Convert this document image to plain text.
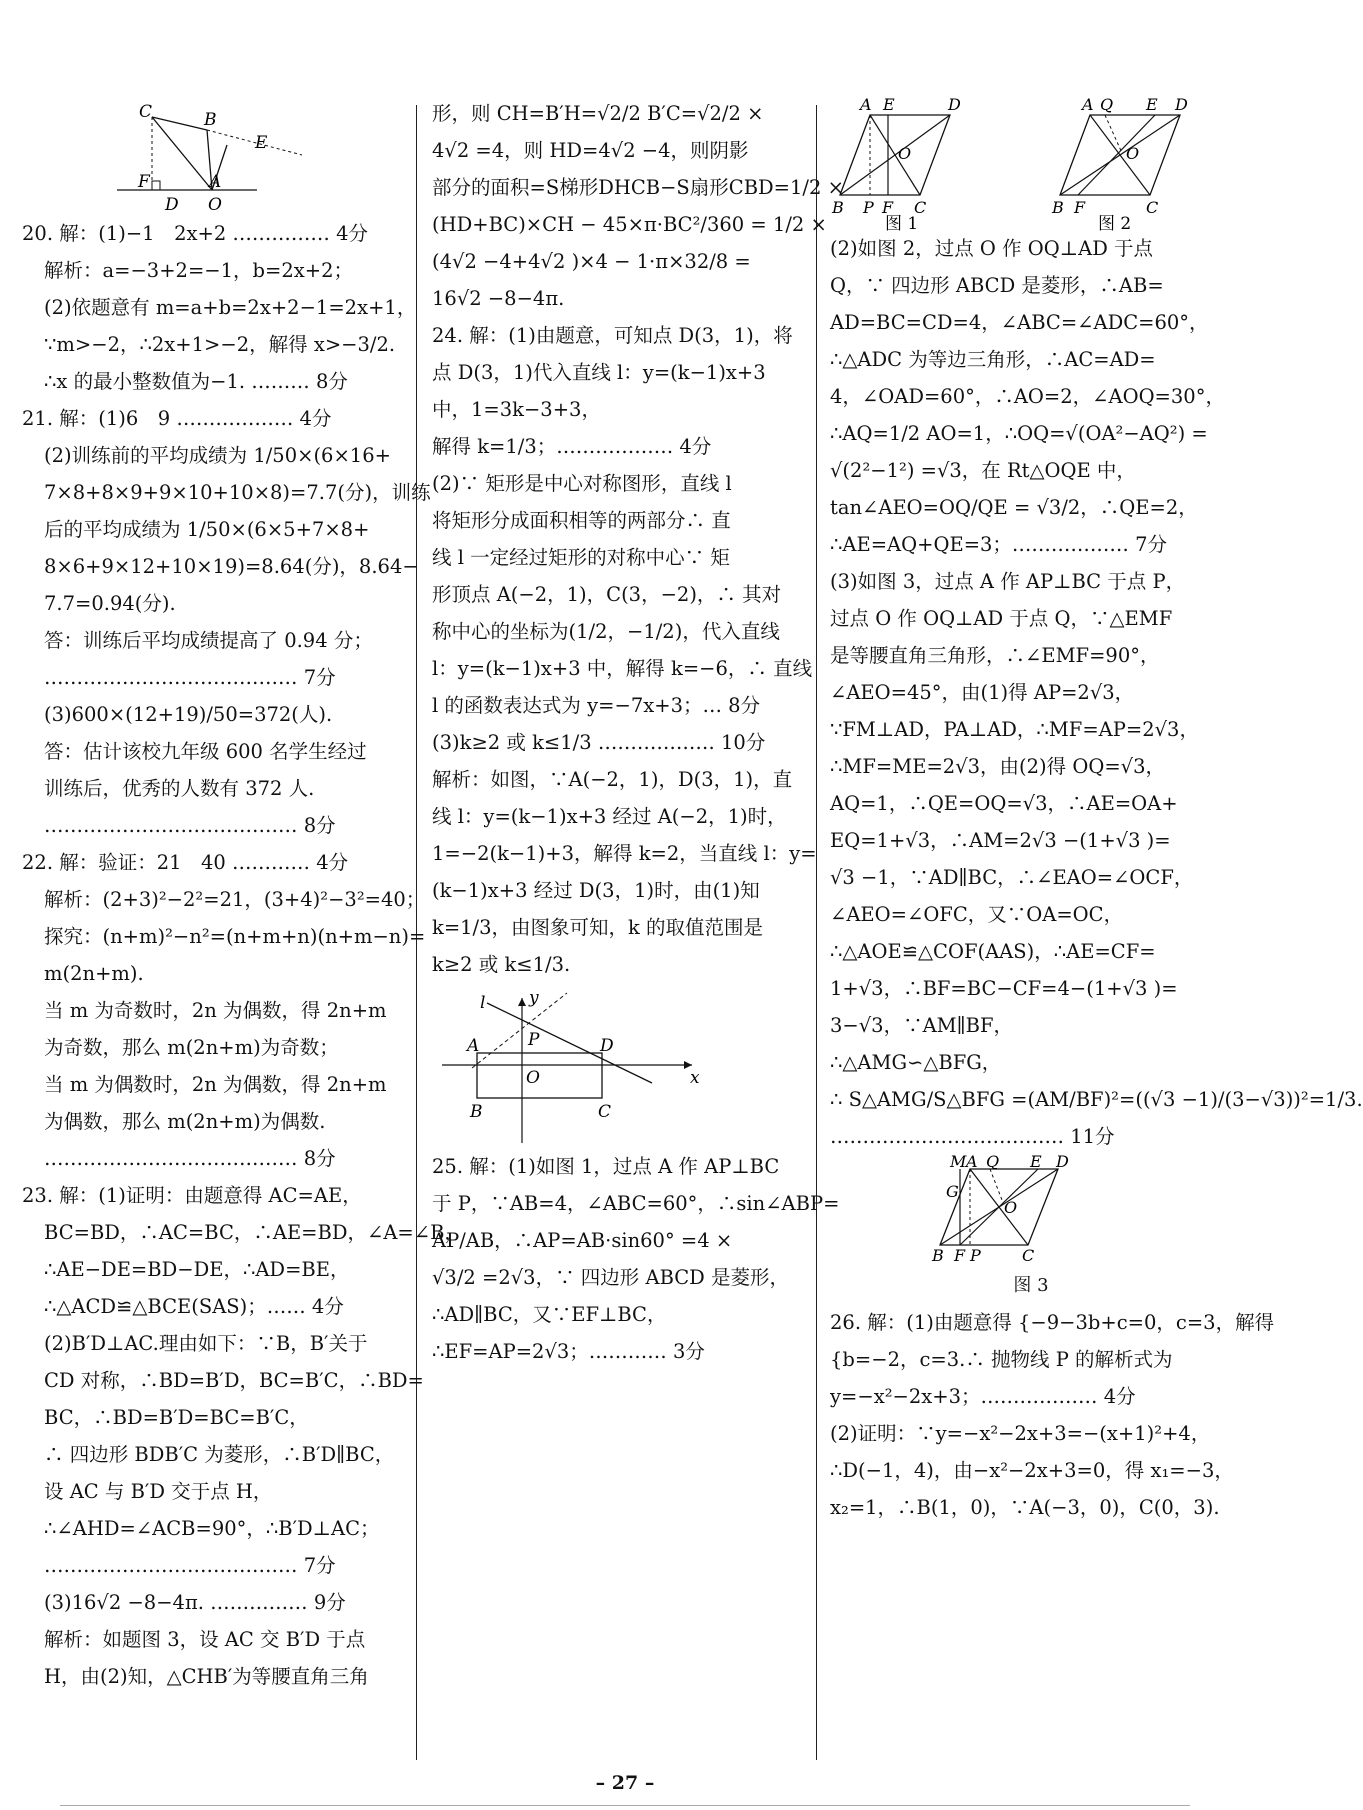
C	B
E
F	A
D O
20. 解：(1)−1　2x+2 …………… 4分
解析：a=−3+2=−1，b=2x+2；
(2)依题意有 m=a+b=2x+2−1=2x+1，
∵m>−2，∴2x+1>−2，解得 x>−3/2.
∴x 的最小整数值为−1. ……… 8分
21. 解：(1)6　9 ……………… 4分
(2)训练前的平均成绩为 1/50×(6×16+
7×8+8×9+9×10+10×8)=7.7(分)，训练
后的平均成绩为 1/50×(6×5+7×8+
8×6+9×12+10×19)=8.64(分)，8.64−
7.7=0.94(分).
答：训练后平均成绩提高了 0.94 分；
………………………………… 7分
(3)600×(12+19)/50=372(人).
答：估计该校九年级 600 名学生经过
训练后，优秀的人数有 372 人.
………………………………… 8分
22. 解：验证：21　40 ………… 4分
解析：(2+3)²−2²=21，(3+4)²−3²=40；
探究：(n+m)²−n²=(n+m+n)(n+m−n)=
m(2n+m).
当 m 为奇数时，2n 为偶数，得 2n+m
为奇数，那么 m(2n+m)为奇数；
当 m 为偶数时，2n 为偶数，得 2n+m
为偶数，那么 m(2n+m)为偶数.
………………………………… 8分
23. 解：(1)证明：由题意得 AC=AE，
BC=BD，∴AC=BC，∴AE=BD，∠A=∠B，
∴AE−DE=BD−DE，∴AD=BE，
∴△ACD≌△BCE(SAS)；…… 4分
(2)B′D⊥AC.理由如下：∵B，B′关于
CD 对称，∴BD=B′D，BC=B′C，∴BD=
BC，∴BD=B′D=BC=B′C，
∴ 四边形 BDB′C 为菱形，∴B′D∥BC，
设 AC 与 B′D 交于点 H，
∴∠AHD=∠ACB=90°，∴B′D⊥AC；
………………………………… 7分
(3)16√2 −8−4π. …………… 9分
解析：如题图 3，设 AC 交 B′D 于点
H，由(2)知，△CHB′为等腰直角三角
形，则 CH=B′H=√2/2 B′C=√2/2 ×
4√2 =4，则 HD=4√2 −4，则阴影
部分的面积=S梯形DHCB−S扇形CBD=1/2 ×
(HD+BC)×CH − 45×π·BC²/360 = 1/2 ×
(4√2 −4+4√2 )×4 − 1·π×32/8 =
16√2 −8−4π.
24. 解：(1)由题意，可知点 D(3，1)，将
点 D(3，1)代入直线 l：y=(k−1)x+3
中，1=3k−3+3，
解得 k=1/3；……………… 4分
(2)∵ 矩形是中心对称图形，直线 l
将矩形分成面积相等的两部分∴ 直
线 l 一定经过矩形的对称中心∵ 矩
形顶点 A(−2，1)，C(3，−2)，∴ 其对
称中心的坐标为(1/2，−1/2)，代入直线
l：y=(k−1)x+3 中，解得 k=−6，∴ 直线
l 的函数表达式为 y=−7x+3；… 8分
(3)k≥2 或 k≤1/3 ……………… 10分
解析：如图，∵A(−2，1)，D(3，1)，直
线 l：y=(k−1)x+3 经过 A(−2，1)时，
1=−2(k−1)+3，解得 k=2，当直线 l：y=
(k−1)x+3 经过 D(3，1)时，由(1)知
k=1/3，由图象可知，k 的取值范围是
k≥2 或 k≤1/3.
l	y
P
A	D
x
O
B	C
25. 解：(1)如图 1，过点 A 作 AP⊥BC
于 P，∵AB=4，∠ABC=60°，∴sin∠ABP=
AP/AB，∴AP=AB·sin60° =4 ×
√3/2 =2√3，∵ 四边形 ABCD 是菱形，
∴AD∥BC，又∵EF⊥BC，
∴EF=AP=2√3；………… 3分
A E	D
O
B P F C
图 1
A Q E D
O
B F	C
图 2
(2)如图 2，过点 O 作 OQ⊥AD 于点
Q，∵ 四边形 ABCD 是菱形，∴AB=
AD=BC=CD=4，∠ABC=∠ADC=60°，
∴△ADC 为等边三角形，∴AC=AD=
4，∠OAD=60°，∴AO=2，∠AOQ=30°，
∴AQ=1/2 AO=1，∴OQ=√(OA²−AQ²) =
√(2²−1²) =√3，在 Rt△OQE 中，
tan∠AEO=OQ/QE = √3/2，∴QE=2，
∴AE=AQ+QE=3；……………… 7分
(3)如图 3，过点 A 作 AP⊥BC 于点 P，
过点 O 作 OQ⊥AD 于点 Q，∵△EMF
是等腰直角三角形，∴∠EMF=90°，
∠AEO=45°，由(1)得 AP=2√3，
∵FM⊥AD，PA⊥AD，∴MF=AP=2√3，
∴MF=ME=2√3，由(2)得 OQ=√3，
AQ=1，∴QE=OQ=√3，∴AE=OA+
EQ=1+√3，∴AM=2√3 −(1+√3 )=
√3 −1，∵AD∥BC，∴∠EAO=∠OCF，
∠AEO=∠OFC，又∵OA=OC，
∴△AOE≌△COF(AAS)，∴AE=CF=
1+√3，∴BF=BC−CF=4−(1+√3 )=
3−√3，∵AM∥BF，
∴△AMG∽△BFG，
∴ S△AMG/S△BFG =(AM/BF)²=((√3 −1)/(3−√3))²=1/3.
……………………………… 11分
M A Q E D
G
O
B F P	C
图 3
26. 解：(1)由题意得 {−9−3b+c=0，c=3，解得
{b=−2，c=3.∴ 抛物线 P 的解析式为
y=−x²−2x+3；……………… 4分
(2)证明：∵y=−x²−2x+3=−(x+1)²+4，
∴D(−1，4)，由−x²−2x+3=0，得 x₁=−3，
x₂=1，∴B(1，0)，∵A(−3，0)，C(0，3).
– 27 –
